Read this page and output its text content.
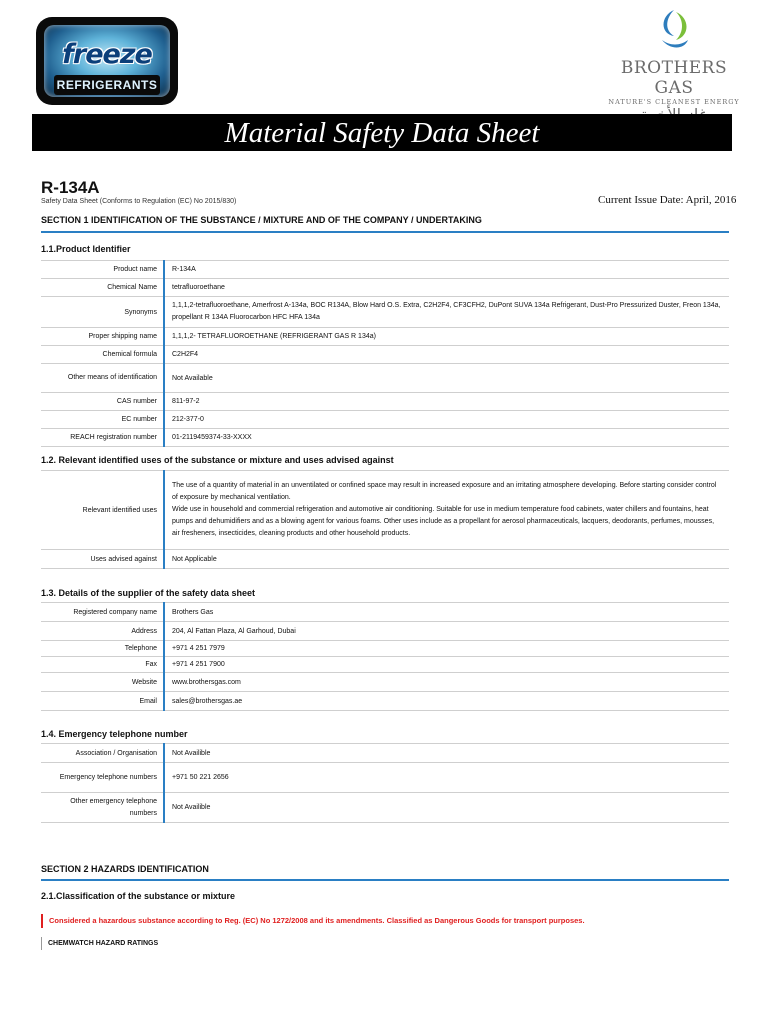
freeze
REFRIGERANTS
BROTHERS GAS
NATURE'S CLEANEST ENERGY
Material Safety Data Sheet
R-134A
Safety Data Sheet (Conforms to Regulation (EC) No 2015/830)	Current Issue Date: April, 2016
SECTION 1 IDENTIFICATION OF THE SUBSTANCE / MIXTURE AND OF THE COMPANY / UNDERTAKING
1.1.Product Identifier
Product name	R-134A
Chemical Name	tetrafluoroethane
Synonyms	1,1,1,2-tetrafluoroethane, Amerfrost A-134a, BOC R134A, Blow Hard O.S. Extra, C2H2F4, CF3CFH2, DuPont SUVA 134a Refrigerant, Dust-Pro Pressurized Duster, Freon 134a, propellant R 134A Fluorocarbon HFC HFA 134a
Proper shipping name	1,1,1,2- TETRAFLUOROETHANE (REFRIGERANT GAS R 134a)
Chemical formula	C2H2F4
Other means of identification	Not Available
CAS number	811-97-2
EC number	212-377-0
REACH registration number	01-2119459374-33-XXXX
1.2. Relevant identified uses of the substance or mixture and uses advised against
Relevant identified uses	The use of a quantity of material in an unventilated or confined space may result in increased exposure and an irritating atmosphere developing. Before starting consider control of exposure by mechanical ventilation.
Wide use in household and commercial refrigeration and automotive air conditioning. Suitable for use in medium temperature food cabinets, water chillers and fountains, heat pumps and dehumidifiers and as a blowing agent for various foams. Other uses include as a propellant for aerosol pharmaceuticals, lacquers, deodorants, perfumes, mousses, air fresheners, insecticides, cleaning products and other household products.

Uses advised against	Not Applicable
1.3. Details of the supplier of the safety data sheet
Registered company name	Brothers Gas
Address	204, Al Fattan Plaza, Al Garhoud, Dubai
Telephone	+971 4 251 7979
Fax	+971 4 251 7900
Website	www.brothersgas.com
Email	sales@brothersgas.ae
1.4. Emergency telephone number
Association / Organisation	Not Availible
Emergency telephone numbers	+971 50 221 2656
Other emergency telephone numbers	Not Availible
SECTION 2 HAZARDS IDENTIFICATION
2.1.Classification of the substance or mixture
Considered a hazardous substance according to Reg. (EC) No 1272/2008 and its amendments. Classified as Dangerous Goods for transport purposes.
CHEMWATCH HAZARD RATINGS
